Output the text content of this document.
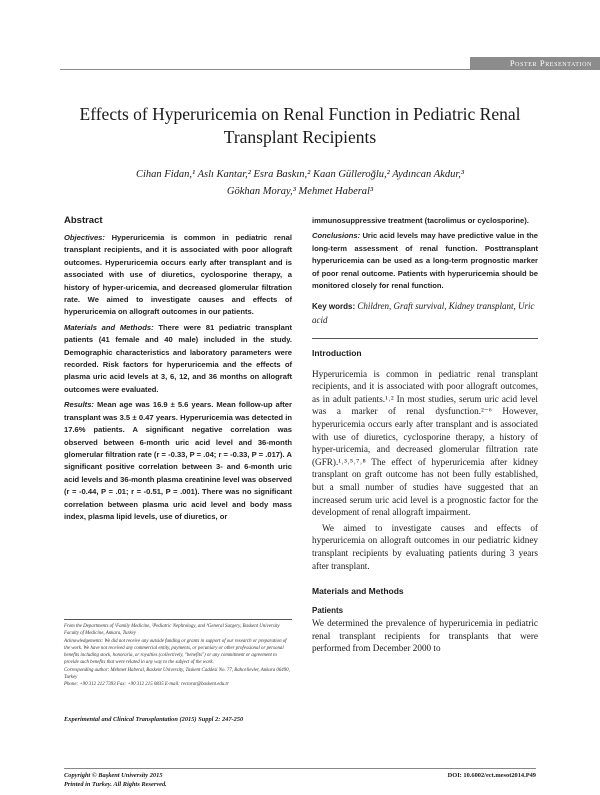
Poster Presentation
Effects of Hyperuricemia on Renal Function in Pediatric Renal Transplant Recipients
Cihan Fidan,¹ Aslı Kantar,² Esra Baskın,² Kaan Gülleroğlu,² Aydıncan Akdur,³
Gökhan Moray,³ Mehmet Haberal³
Abstract

Objectives: Hyperuricemia is common in pediatric renal transplant recipients, and it is associated with poor allograft outcomes. Hyperuricemia occurs early after transplant and is associated with use of diuretics, cyclosporine therapy, a history of hyper-uricemia, and decreased glomerular filtration rate. We aimed to investigate causes and effects of hyperuricemia on allograft outcomes in our patients.

Materials and Methods: There were 81 pediatric transplant patients (41 female and 40 male) included in the study. Demographic characteristics and laboratory parameters were recorded. Risk factors for hyperuricemia and the effects of plasma uric acid levels at 3, 6, 12, and 36 months on allograft outcomes were evaluated.

Results: Mean age was 16.9 ± 5.6 years. Mean follow-up after transplant was 3.5 ± 0.47 years. Hyperuricemia was detected in 17.6% patients. A significant negative correlation was observed between 6-month uric acid level and 36-month glomerular filtration rate (r = -0.33, P = .04; r = -0.33, P = .017). A significant positive correlation between 3- and 6-month uric acid levels and 36-month plasma creatinine level was observed (r = -0.44, P = .01; r = -0.51, P = .001). There was no significant correlation between plasma uric acid level and body mass index, plasma lipid levels, use of diuretics, or

From the Departments of ¹Family Medicine, ²Pediatric Nephrology, and ³General Surgery, Baskent University Faculty of Medicine, Ankara, Turkey

Acknowledgements: We did not receive any outside funding or grants in support of our research or preparation of the work. We have not received any commercial entity, payments, or pecuniary or other professional or personal benefits including stock, honoraria, or royalties (collectively, "benefits") or any commitment or agreement to provide such benefits that were related in any way to the subject of the work.

Corresponding author: Mehmet Haberal, Baskent University, Taskent Caddesi No. 77, Bahcelievler, Ankara 06490, Turkey

Phone: +90 312 212 7393 Fax: +90 312 215 0835 E-mail: rectorat@baskent.edu.tr

Experimental and Clinical Transplantation (2015) Suppl 2: 247-250

immunosuppressive treatment (tacrolimus or cyclosporine).

Conclusions: Uric acid levels may have predictive value in the long-term assessment of renal function. Posttransplant hyperuricemia can be used as a long-term prognostic marker of poor renal outcome. Patients with hyperuricemia should be monitored closely for renal function.

Key words: Children, Graft survival, Kidney transplant, Uric acid
Introduction

Hyperuricemia is common in pediatric renal transplant recipients, and it is associated with poor allograft outcomes, as in adult patients.¹˒² In most studies, serum uric acid level was a marker of renal dysfunction.²⁻⁶ However, hyperuricemia occurs early after transplant and is associated with use of diuretics, cyclosporine therapy, a history of hyper-uricemia, and decreased glomerular filtration rate (GFR).¹˒³˒⁵˒⁷˒⁸ The effect of hyperuricemia after kidney transplant on graft outcome has not been fully established, but a small number of studies have suggested that an increased serum uric acid level is a prognostic factor for the development of renal allograft impairment.

We aimed to investigate causes and effects of hyperuricemia on allograft outcomes in our pediatric kidney transplant recipients by evaluating patients during 3 years after transplant.

Materials and Methods
Patients

We determined the prevalence of hyperuricemia in pediatric renal transplant recipients for transplants that were performed from December 2000 to

Copyright © Başkent University 2015
Printed in Turkey. All Rights Reserved.
DOI: 10.6002/ect.mesot2014.P49
